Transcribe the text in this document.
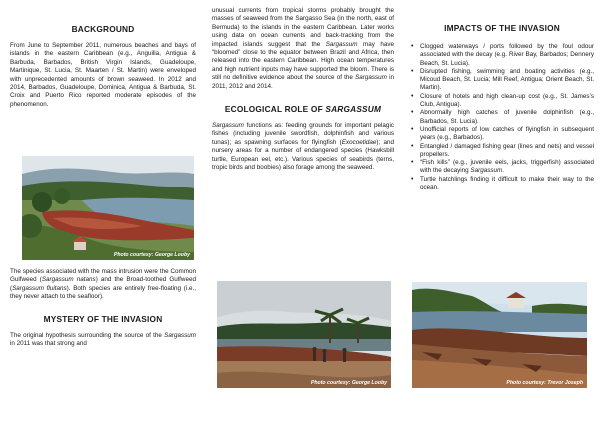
BACKGROUND

From June to September 2011, numerous beaches and bays of islands in the eastern Caribbean (e.g., Anguilla, Antigua & Barbuda, Barbados, British Virgin Islands, Guadeloupe, Martinique, St. Lucia, St. Maarten / St. Martin) were enveloped with unprecedented amounts of brown seaweed. In 2012 and 2014, Barbados, Guadeloupe, Dominica, Antigua & Barbuda, St. Croix and Puerto Rico reported moderate episodes of the phenomenon.

Photo courtesy: George Looby

The species associated with the mass intrusion were the Common Gulfweed (Sargassum natans) and the Broad-toothed Gulfweed (Sargassum fluitans). Both species are entirely free-floating (i.e., they never attach to the seafloor).

MYSTERY OF THE INVASION

The original hypothesis surrounding the source of the Sargassum in 2011 was that strong and

unusual currents from tropical storms probably brought the masses of seaweed from the Sargasso Sea (in the north, east of Bermuda) to the islands in the eastern Caribbean. Later works using data on ocean currents and back-tracking from the impacted islands suggest that the Sargassum may have “bloomed” close to the equator between Brazil and Africa, then released into the eastern Caribbean. High ocean temperatures and high nutrient inputs may have supported the bloom. There is still no definitive evidence about the source of the Sargassum in 2011, 2012 and 2014.

ECOLOGICAL ROLE OF SARGASSUM

Sargassum functions as: feeding grounds for important pelagic fishes (including juvenile swordfish, dolphinfish and various tunas); as spawning surfaces for flyingfish (Exocoetidae); and nursery areas for a number of endangered species (Hawksbill turtle, European eel, etc.). Various species of seabirds (terns, tropic birds and boobies) also forage among the seaweed.

Photo courtesy: George Looby
IMPACTS OF THE INVASION
• Clogged waterways / ports followed by the foul odour associated with the decay (e.g. River Bay, Barbados; Dennery Beach, St. Lucia).
• Disrupted fishing, swimming and boating activities (e.g., Micoud Beach, St. Lucia; Mill Reef, Antigua; Orient Beach, St. Martin).
• Closure of hotels and high clean-up cost (e.g., St. James’s Club, Antigua).
• Abnormally high catches of juvenile dolphinfish (e.g., Barbados, St. Lucia).
• Unofficial reports of low catches of flyingfish in subsequent years (e.g., Barbados).
• Entangled / damaged fishing gear (lines and nets) and vessel propellers.
• “Fish kills” (e.g., juvenile eels, jacks, triggerfish) associated with the decaying Sargassum.
• Turtle hatchlings finding it difficult to make their way to the ocean.
Photo courtesy: Trevor Joseph
